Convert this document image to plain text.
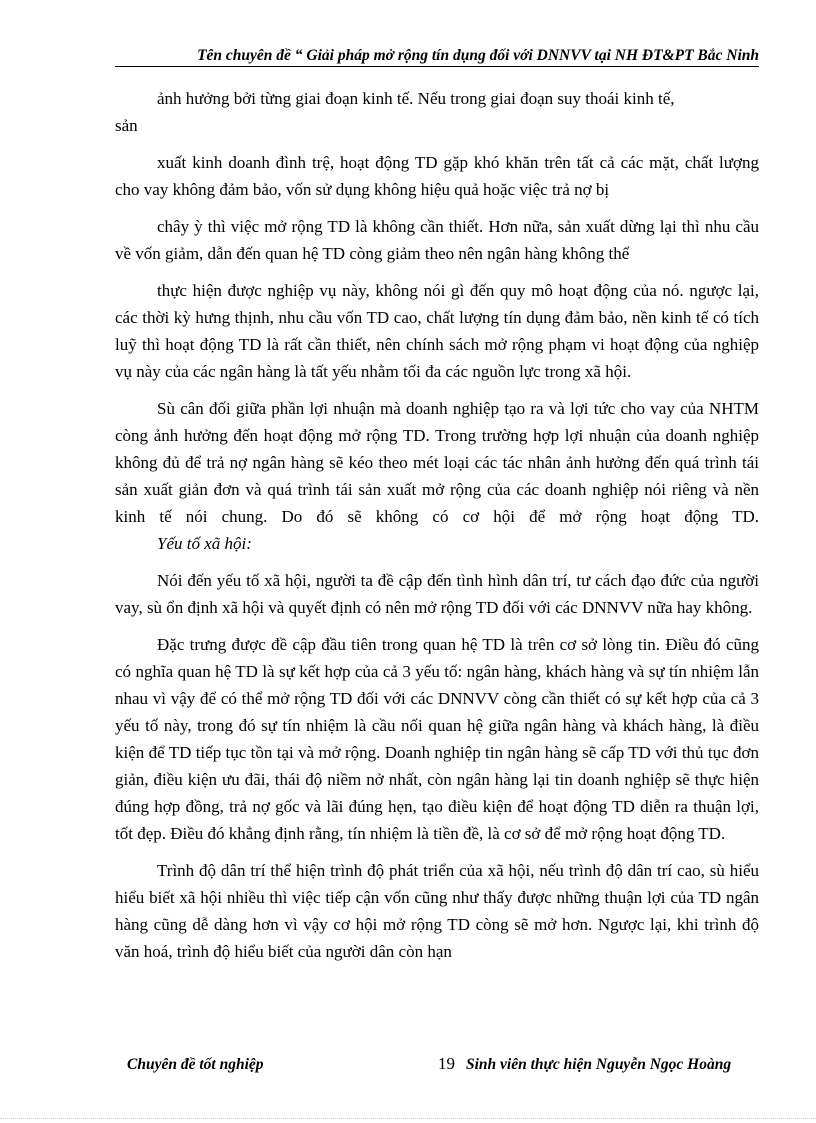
Tên chuyên đề “ Giải pháp mở rộng tín dụng đối với DNNVV tại NH ĐT&PT Bắc Ninh

ảnh hưởng bởi từng giai đoạn kinh tế. Nếu trong giai đoạn suy thoái kinh tế,

sản

xuất kinh doanh đình trệ, hoạt động TD gặp khó khăn trên tất cả các mặt, chất lượng cho vay không đảm bảo, vốn sử dụng không hiệu quả hoặc việc trả nợ bị

chây ỳ thì việc mở rộng TD là không cần thiết. Hơn nữa, sản xuất dừng lại thì nhu cầu về vốn giảm, dẫn đến quan hệ TD còng giảm theo nên ngân hàng không thể

thực hiện được nghiệp vụ này, không nói gì đến quy mô hoạt động của nó. ngược lại, các thời kỳ hưng thịnh, nhu cầu vốn TD cao, chất lượng tín dụng đảm bảo, nền kinh tế có tích luỹ thì hoạt động TD là rất cần thiết, nên chính sách mở rộng phạm vi hoạt động của nghiệp vụ này của các ngân hàng là tất yếu nhằm tối đa các nguồn lực trong xã hội.

Sù cân đối giữa phần lợi nhuận mà doanh nghiệp tạo ra và lợi tức cho vay của NHTM còng ảnh hưởng đến hoạt động mở rộng TD. Trong trường hợp lợi nhuận của doanh nghiệp không đủ để trả nợ ngân hàng sẽ kéo theo mét loại các tác nhân ảnh hưởng đến quá trình tái sản xuất giản đơn và quá trình tái sản xuất mở rộng của các doanh nghiệp nói riêng và nền kinh tế nói chung. Do đó sẽ không có cơ hội để mở rộng hoạt động TD.

Yếu tố xã hội:

Nói đến yếu tố xã hội, người ta đề cập đến tình hình dân trí, tư cách đạo đức của người vay, sù ổn định xã hội và quyết định có nên mở rộng TD đối với các DNNVV nữa hay không.

Đặc trưng được đề cập đầu tiên trong quan hệ TD là trên cơ sở lòng tin. Điều đó cũng có nghĩa quan hệ TD là sự kết hợp của cả 3 yếu tố: ngân hàng, khách hàng và sự tín nhiệm lẫn nhau vì vậy để có thể mở rộng TD đối với các DNNVV còng cần thiết có sự kết hợp của cả 3 yếu tố này, trong đó sự tín nhiệm là cầu nối quan hệ giữa ngân hàng và khách hàng, là điều kiện để TD tiếp tục tồn tại và mở rộng. Doanh nghiệp tin ngân hàng sẽ cấp TD với thủ tục đơn giản, điều kiện ưu đãi, thái độ niềm nở nhất, còn ngân hàng lại tin doanh nghiệp sẽ thực hiện đúng hợp đồng, trả nợ gốc và lãi đúng hẹn, tạo điều kiện để hoạt động TD diễn ra thuận lợi, tốt đẹp. Điều đó khẳng định rằng, tín nhiệm là tiền đề, là cơ sở để mở rộng hoạt động TD.

Trình độ dân trí thể hiện trình độ phát triển của xã hội, nếu trình độ dân trí cao, sù hiểu hiểu biết xã hội nhiều thì việc tiếp cận vốn cũng như thấy được những thuận lợi của TD ngân hàng cũng dễ dàng hơn vì vậy cơ hội mở rộng TD còng sẽ mở hơn. Ngược lại, khi trình độ văn hoá, trình độ hiểu biết của người dân còn hạn

Chuyên đề tốt nghiệp	19 Sinh viên thực hiện Nguyễn Ngọc Hoàng
